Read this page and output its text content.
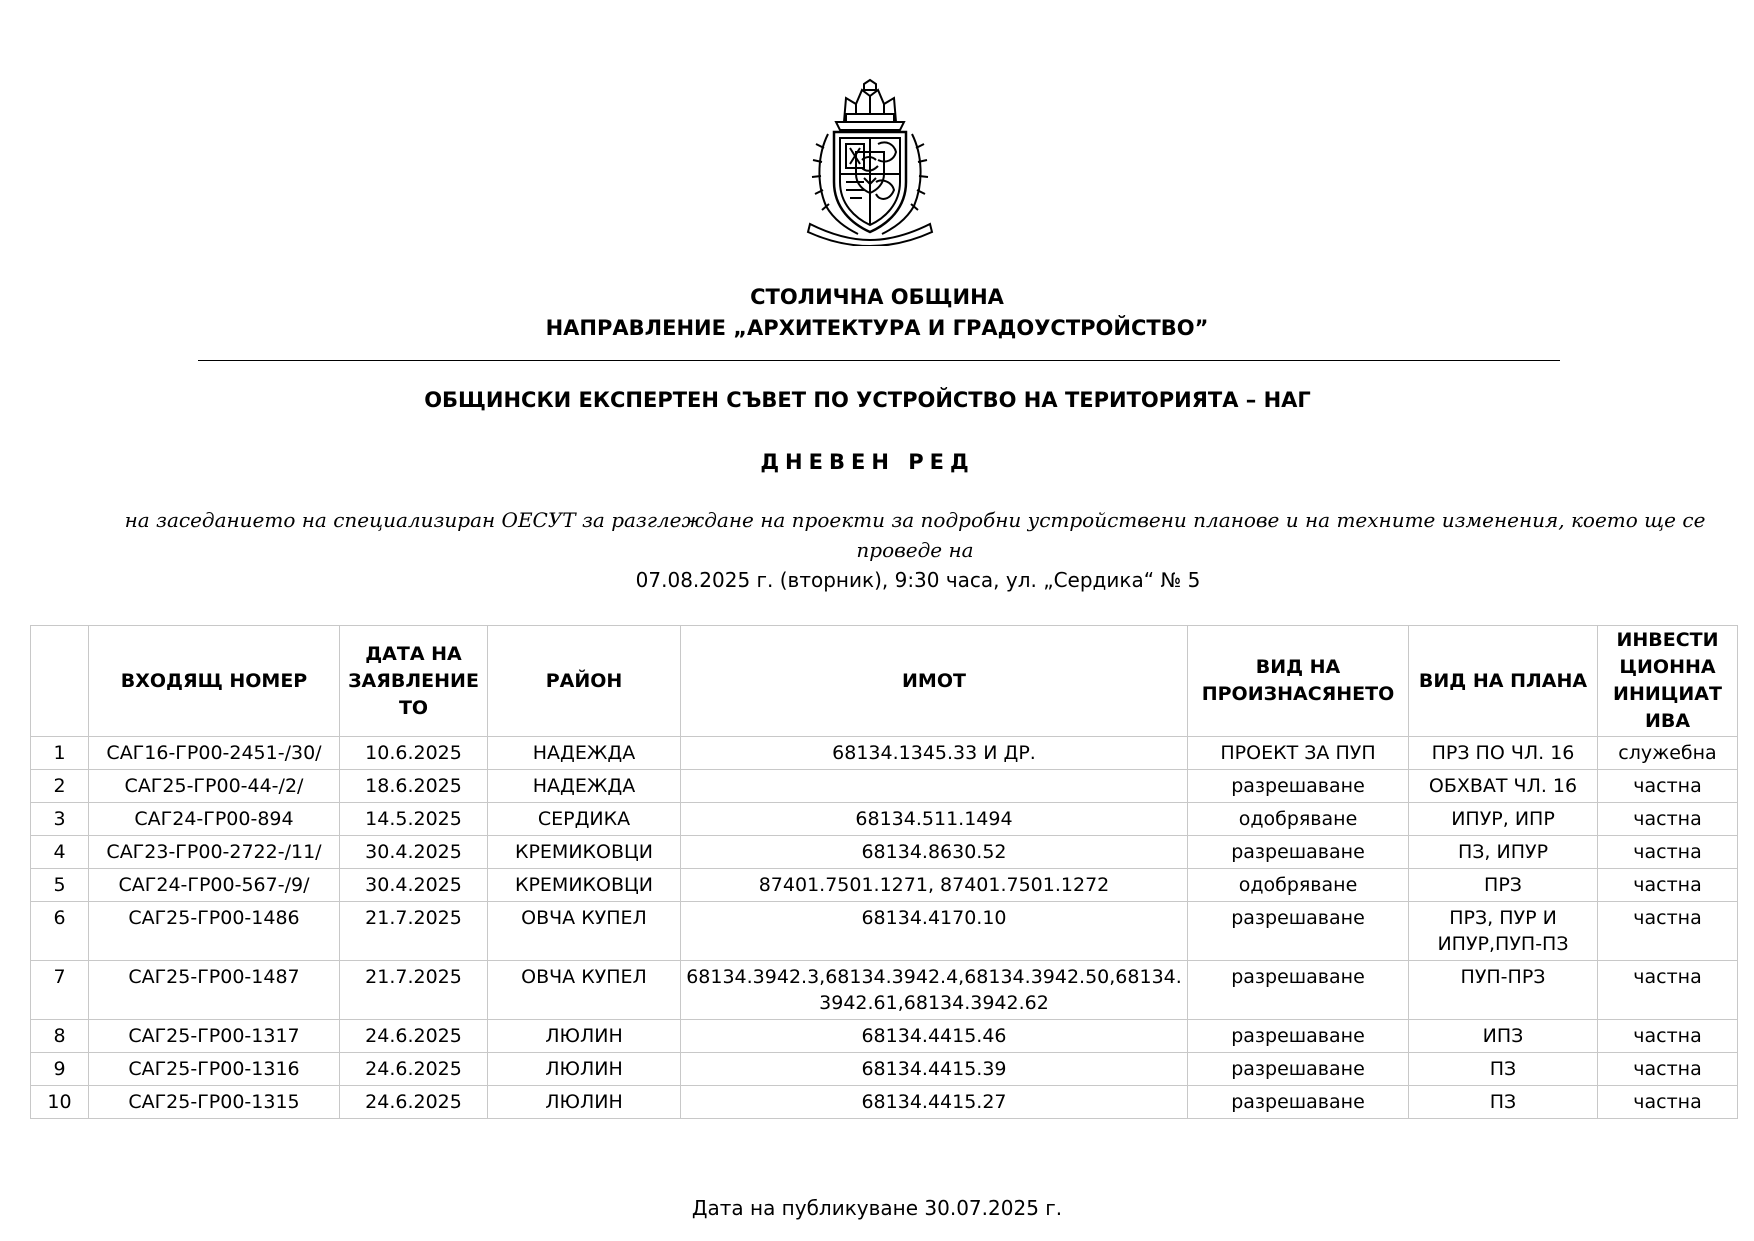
СТОЛИЧНА ОБЩИНА
НАПРАВЛЕНИЕ „АРХИТЕКТУРА И ГРАДОУСТРОЙСТВО”
ОБЩИНСКИ ЕКСПЕРТЕН СЪВЕТ ПО УСТРОЙСТВО НА ТЕРИТОРИЯТА – НАГ
ДНЕВЕН РЕД
на заседанието на специализиран ОЕСУТ за разглеждане на проекти за подробни устройствени планове и на техните изменения, което ще се проведе на
07.08.2025 г. (вторник), 9:30 часа, ул. „Сердика“ № 5
	ВХОДЯЩ НОМЕР	ДАТА НА ЗАЯВЛЕНИЕ ТО	РАЙОН	ИМОТ	ВИД НА ПРОИЗНАСЯНЕТО	ВИД НА ПЛАНА	ИНВЕСТИ ЦИОННА ИНИЦИАТ ИВА
1	САГ16-ГР00-2451-/30/	10.6.2025	НАДЕЖДА	68134.1345.33 И ДР.	ПРОЕКТ ЗА ПУП	ПРЗ ПО ЧЛ. 16	служебна
2	САГ25-ГР00-44-/2/	18.6.2025	НАДЕЖДА		разрешаване	ОБХВАТ ЧЛ. 16	частна
3	САГ24-ГР00-894	14.5.2025	СЕРДИКА	68134.511.1494	одобряване	ИПУР, ИПР	частна
4	САГ23-ГР00-2722-/11/	30.4.2025	КРЕМИКОВЦИ	68134.8630.52	разрешаване	ПЗ, ИПУР	частна
5	САГ24-ГР00-567-/9/	30.4.2025	КРЕМИКОВЦИ	87401.7501.1271, 87401.7501.1272	одобряване	ПРЗ	частна
6	САГ25-ГР00-1486	21.7.2025	ОВЧА КУПЕЛ	68134.4170.10	разрешаване	ПРЗ, ПУР И ИПУР,ПУП-ПЗ	частна
7	САГ25-ГР00-1487	21.7.2025	ОВЧА КУПЕЛ	68134.3942.3,68134.3942.4,68134.3942.50,68134.3942.61,68134.3942.62	разрешаване	ПУП-ПРЗ	частна
8	САГ25-ГР00-1317	24.6.2025	ЛЮЛИН	68134.4415.46	разрешаване	ИПЗ	частна
9	САГ25-ГР00-1316	24.6.2025	ЛЮЛИН	68134.4415.39	разрешаване	ПЗ	частна
10	САГ25-ГР00-1315	24.6.2025	ЛЮЛИН	68134.4415.27	разрешаване	ПЗ	частна
Дата на публикуване 30.07.2025 г.
